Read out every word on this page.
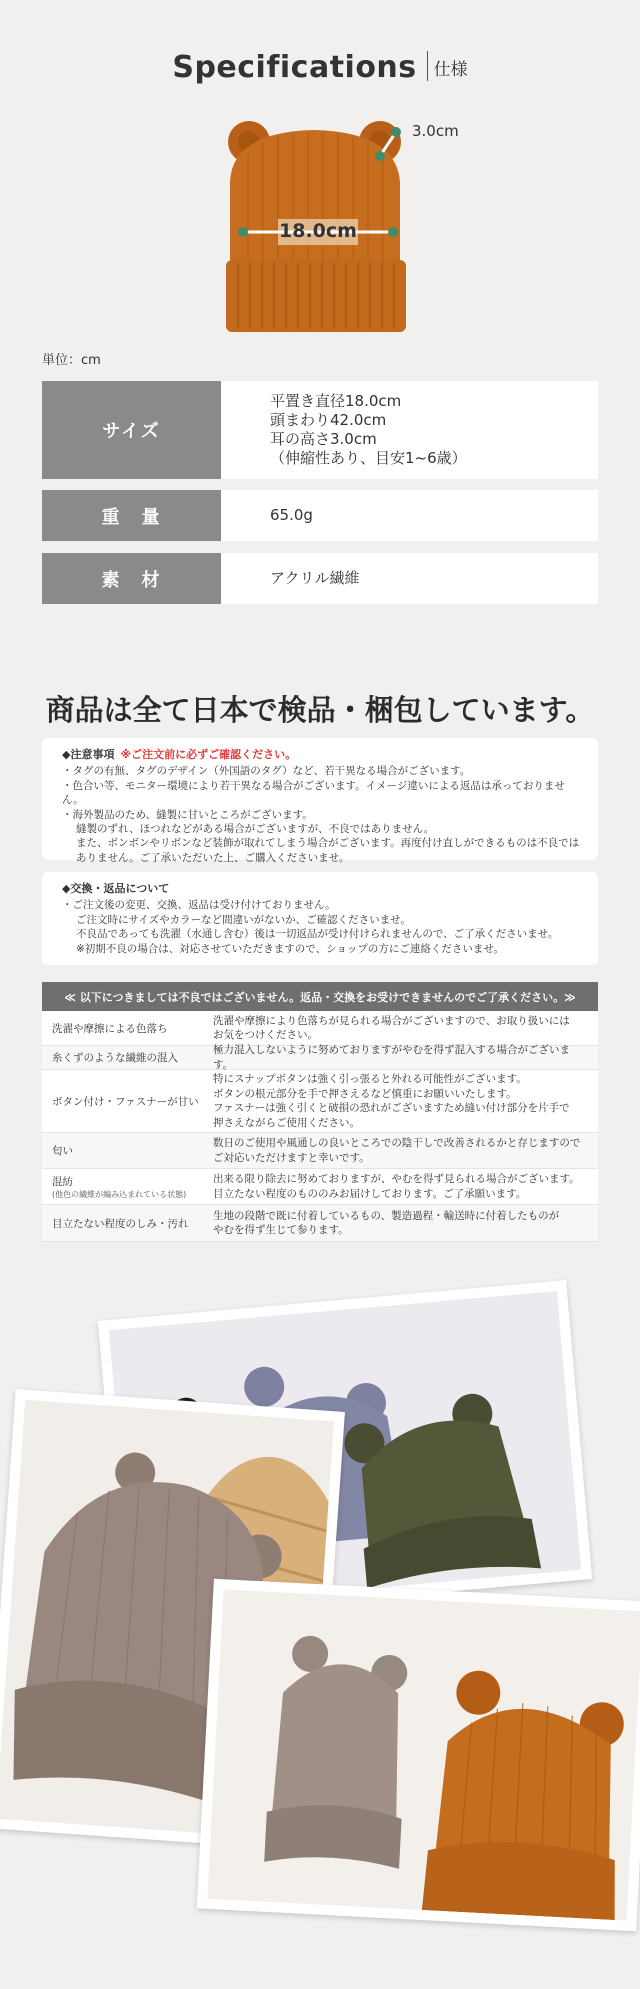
Specifications 仕様
18.0cm
3.0cm
単位：cm
サイズ
平置き直径18.0cm
頭まわり42.0cm
耳の高さ3.0cm
（伸縮性あり、目安1~6歳）
重　量	65.0g
素　材	アクリル繊維
商品は全て日本で検品・梱包しています。
◆注意事項 ※ご注文前に必ずご確認ください。
・タグの有無、タグのデザイン（外国語のタグ）など、若干異なる場合がございます。
・色合い等、モニター環境により若干異なる場合がございます。イメージ違いによる返品は承っておりません。
・海外製品のため、縫製に甘いところがございます。
縫製のずれ、ほつれなどがある場合がございますが、不良ではありません。
また、ボンボンやリボンなど装飾が取れてしまう場合がございます。再度付け直しができるものは不良では
ありません。ご了承いただいた上、ご購入くださいませ。
◆交換・返品について
・ご注文後の変更、交換、返品は受け付けておりません。
ご注文時にサイズやカラーなど間違いがないか、ご確認くださいませ。
不良品であっても洗濯（水通し含む）後は一切返品が受け付けられませんので、ご了承くださいませ。
※初期不良の場合は、対応させていただきますので、ショップの方にご連絡くださいませ。
≪ 以下につきましては不良ではございません。返品・交換をお受けできませんのでご了承ください。≫
洗濯や摩擦による色落ち
洗濯や摩擦により色落ちが見られる場合がございますので、お取り扱いには
お気をつけください。
糸くずのような繊維の混入
極力混入しないように努めておりますがやむを得ず混入する場合がございます。
ボタン付け・ファスナーが甘い
特にスナップボタンは強く引っ張ると外れる可能性がございます。
ボタンの根元部分を手で押さえるなど慎重にお願いいたします。
ファスナーは強く引くと破損の恐れがございますため縫い付け部分を片手で
押さえながらご使用ください。
匂い
数日のご使用や風通しの良いところでの陰干しで改善されるかと存じますので
ご対応いただけますと幸いです。
混紡
(他色の繊維が編み込まれている状態)
出来る限り除去に努めておりますが、やむを得ず見られる場合がございます。
目立たない程度のもののみお届けしております。ご了承願います。
目立たない程度のしみ・汚れ
生地の段階で既に付着しているもの、製造過程・輸送時に付着したものが
やむを得ず生じて参ります。
